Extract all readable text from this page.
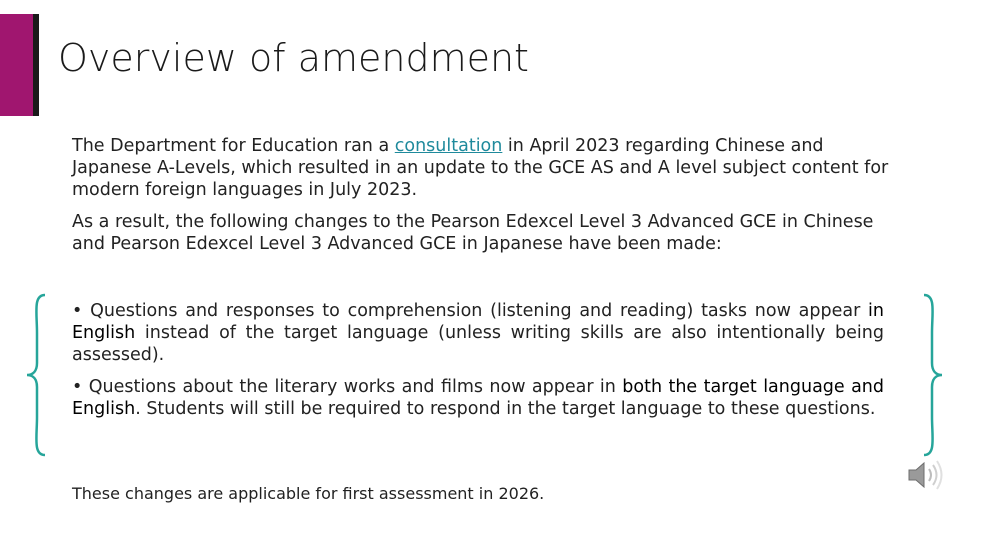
Overview of amendment

The Department for Education ran a consultation in April 2023 regarding Chinese and Japanese A-Levels, which resulted in an update to the GCE AS and A level subject content for modern foreign languages in July 2023.

As a result, the following changes to the Pearson Edexcel Level 3 Advanced GCE in Chinese and Pearson Edexcel Level 3 Advanced GCE in Japanese have been made:

• Questions and responses to comprehension (listening and reading) tasks now appear in English instead of the target language (unless writing skills are also intentionally being assessed).

• Questions about the literary works and films now appear in both the target language and English. Students will still be required to respond in the target language to these questions.

These changes are applicable for first assessment in 2026.
